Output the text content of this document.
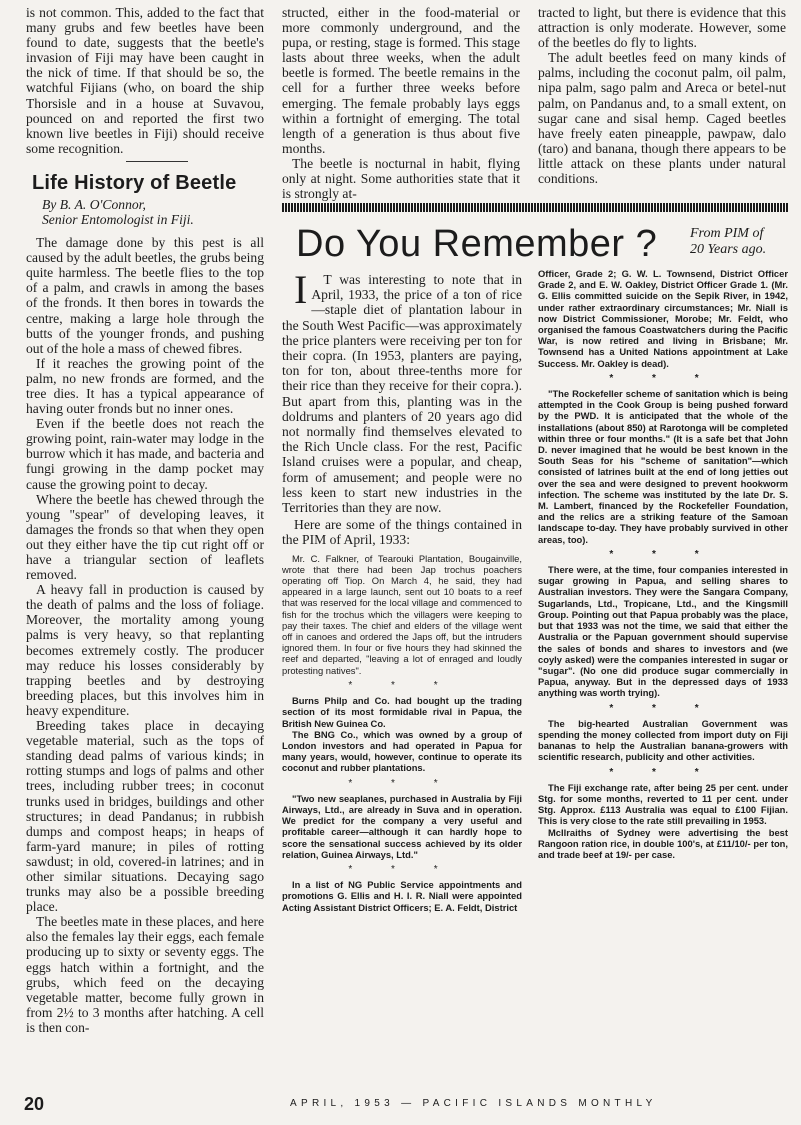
is not common. This, added to the fact that many grubs and few beetles have been found to date, suggests that the beetle's invasion of Fiji may have been caught in the nick of time. If that should be so, the watchful Fijians (who, on board the ship Thorsisle and in a house at Suvavou, pounced on and reported the first two known live beetles in Fiji) should receive some recognition.

Life History of Beetle
By B. A. O'Connor,
Senior Entomologist in Fiji.

The damage done by this pest is all caused by the adult beetles, the grubs being quite harmless. The beetle flies to the top of a palm, and crawls in among the bases of the fronds. It then bores in towards the centre, making a large hole through the butts of the younger fronds, and pushing out of the hole a mass of chewed fibres.

If it reaches the growing point of the palm, no new fronds are formed, and the tree dies. It has a typical appearance of having outer fronds but no inner ones.

Even if the beetle does not reach the growing point, rain-water may lodge in the burrow which it has made, and bacteria and fungi growing in the damp pocket may cause the growing point to decay.

Where the beetle has chewed through the young "spear" of developing leaves, it damages the fronds so that when they open out they either have the tip cut right off or have a triangular section of leaflets removed.

A heavy fall in production is caused by the death of palms and the loss of foliage. Moreover, the mortality among young palms is very heavy, so that replanting becomes extremely costly. The producer may reduce his losses considerably by trapping beetles and by destroying breeding places, but this involves him in heavy expenditure.

Breeding takes place in decaying vegetable material, such as the tops of standing dead palms of various kinds; in rotting stumps and logs of palms and other trees, including rubber trees; in coconut trunks used in bridges, buildings and other structures; in dead Pandanus; in rubbish dumps and compost heaps; in heaps of farm-yard manure; in piles of rotting sawdust; in old, covered-in latrines; and in other similar situations. Decaying sago trunks may also be a possible breeding place.

The beetles mate in these places, and here also the females lay their eggs, each female producing up to sixty or seventy eggs. The eggs hatch within a fortnight, and the grubs, which feed on the decaying vegetable matter, become fully grown in from 2½ to 3 months after hatching. A cell is then con-

structed, either in the food-material or more commonly underground, and the pupa, or resting, stage is formed. This stage lasts about three weeks, when the adult beetle is formed. The beetle remains in the cell for a further three weeks before emerging. The female probably lays eggs within a fortnight of emerging. The total length of a generation is thus about five months.

The beetle is nocturnal in habit, flying only at night. Some authorities state that it is strongly at-

tracted to light, but there is evidence that this attraction is only moderate. However, some of the beetles do fly to lights.

The adult beetles feed on many kinds of palms, including the coconut palm, oil palm, nipa palm, sago palm and Areca or betel-nut palm, on Pandanus and, to a small extent, on sugar cane and sisal hemp. Caged beetles have freely eaten pineapple, pawpaw, dalo (taro) and banana, though there appears to be little attack on these plants under natural conditions.

Do You Remember ? From PIM of
20 Years ago.

I T was interesting to note that in April, 1933, the price of a ton of rice—staple diet of plantation labour in the South West Pacific—was approximately the price planters were receiving per ton for their copra. (In 1953, planters are paying, ton for ton, about three-tenths more for their rice than they receive for their copra.). But apart from this, planting was in the doldrums and planters of 20 years ago did not normally find themselves elevated to the Rich Uncle class. For the rest, Pacific Island cruises were a popular, and cheap, form of amusement; and people were no less keen to start new industries in the Territories than they are now.

Here are some of the things contained in the PIM of April, 1933:

Mr. C. Falkner, of Tearouki Plantation, Bougainville, wrote that there had been Jap trochus poachers operating off Tiop. On March 4, he said, they had appeared in a large launch, sent out 10 boats to a reef that was reserved for the local village and commenced to fish for the trochus which the villagers were keeping to pay their taxes. The chief and elders of the village went off in canoes and ordered the Japs off, but the intruders ignored them. In four or five hours they had skinned the reef and departed, "leaving a lot of enraged and loudly protesting natives".

* * *

Burns Philp and Co. had bought up the trading section of its most formidable rival in Papua, the British New Guinea Co.

The BNG Co., which was owned by a group of London investors and had operated in Papua for many years, would, however, continue to operate its coconut and rubber plantations.

* * *

"Two new seaplanes, purchased in Australia by Fiji Airways, Ltd., are already in Suva and in operation. We predict for the company a very useful and profitable career—although it can hardly hope to score the sensational success achieved by its older relation, Guinea Airways, Ltd."

* * *

In a list of NG Public Service appointments and promotions G. Ellis and H. I. R. Niall were appointed Acting Assistant District Officers; E. A. Feldt, District

Officer, Grade 2; G. W. L. Townsend, District Officer Grade 2, and E. W. Oakley, District Officer Grade 1. (Mr. G. Ellis committed suicide on the Sepik River, in 1942, under rather extraordinary circumstances; Mr. Niall is now District Commissioner, Morobe; Mr. Feldt, who organised the famous Coastwatchers during the Pacific War, is now retired and living in Brisbane; Mr. Townsend has a United Nations appointment at Lake Success. Mr. Oakley is dead).

* * *

"The Rockefeller scheme of sanitation which is being attempted in the Cook Group is being pushed forward by the PWD. It is anticipated that the whole of the installations (about 850) at Rarotonga will be completed within three or four months." (It is a safe bet that John D. never imagined that he would be best known in the South Seas for his "scheme of sanitation"—which consisted of latrines built at the end of long jetties out over the sea and were designed to prevent hookworm infection. The scheme was instituted by the late Dr. S. M. Lambert, financed by the Rockefeller Foundation, and the relics are a striking feature of the Samoan landscape to-day. They have probably survived in other areas, too).

* * *

There were, at the time, four companies interested in sugar growing in Papua, and selling shares to Australian investors. They were the Sangara Company, Sugarlands, Ltd., Tropicane, Ltd., and the Kingsmill Group. Pointing out that Papua probably was the place, but that 1933 was not the time, we said that either the Australia or the Papuan government should supervise the sales of bonds and shares to investors and (we coyly asked) were the companies interested in sugar or "sugar". (No one did produce sugar commercially in Papua, anyway. But in the depressed days of 1933 anything was worth trying).

* * *

The big-hearted Australian Government was spending the money collected from import duty on Fiji bananas to help the Australian banana-growers with scientific research, publicity and other activities.

* * *

The Fiji exchange rate, after being 25 per cent. under Stg. for some months, reverted to 11 per cent. under Stg. Approx. £113 Australia was equal to £100 Fijian. This is very close to the rate still prevailing in 1953.

McIlraiths of Sydney were advertising the best Rangoon ration rice, in double 100's, at £11/10/- per ton, and trade beef at 19/- per case.

20	APRIL, 1953 — PACIFIC ISLANDS MONTHLY
